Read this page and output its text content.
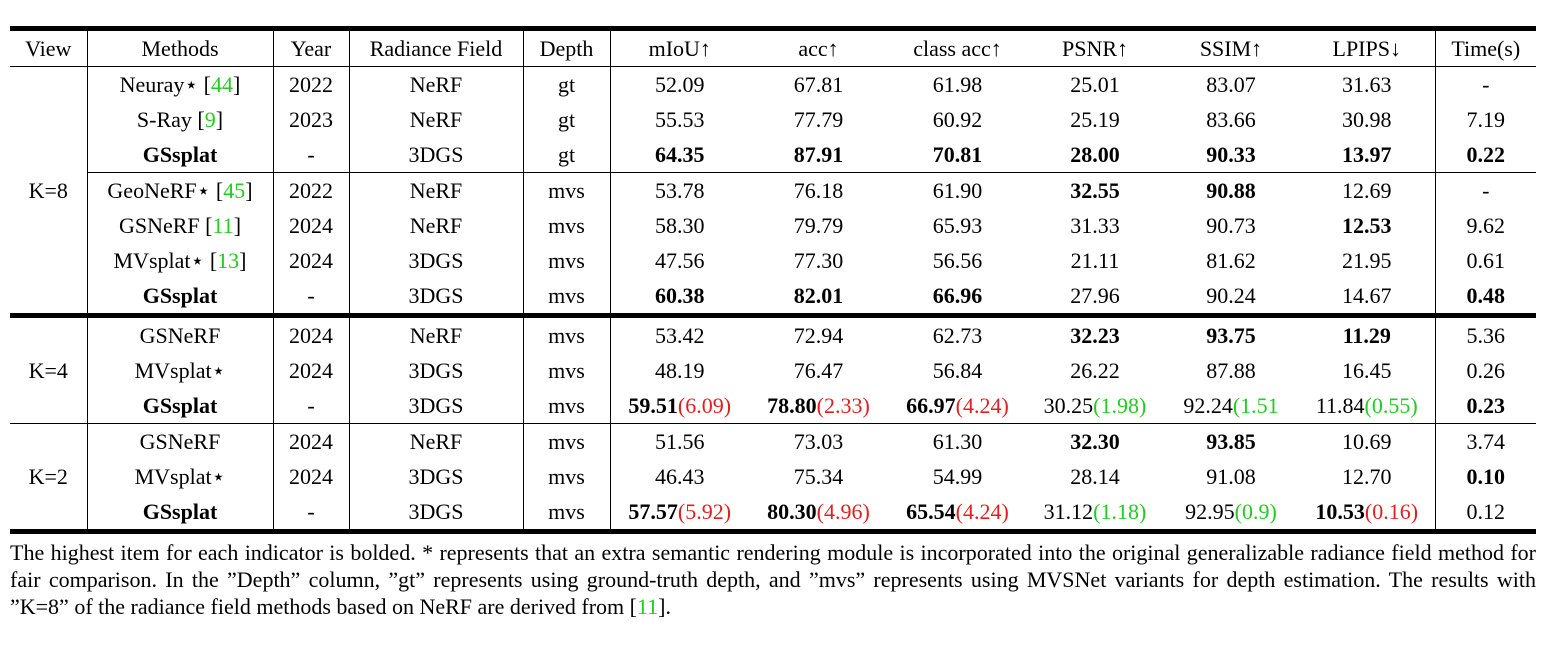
View	Methods	Year	Radiance Field	Depth	mIoU↑	acc↑	class acc↑	PSNR↑	SSIM↑	LPIPS↓	Time(s)
K=8	Neuray⋆ [44]	2022	NeRF	gt	52.09	67.81	61.98	25.01	83.07	31.63	-
	S-Ray [9]	2023	NeRF	gt	55.53	77.79	60.92	25.19	83.66	30.98	7.19
	GSsplat	-	3DGS	gt	64.35	87.91	70.81	28.00	90.33	13.97	0.22
	GeoNeRF⋆ [45]	2022	NeRF	mvs	53.78	76.18	61.90	32.55	90.88	12.69	-
	GSNeRF [11]	2024	NeRF	mvs	58.30	79.79	65.93	31.33	90.73	12.53	9.62
	MVsplat⋆ [13]	2024	3DGS	mvs	47.56	77.30	56.56	21.11	81.62	21.95	0.61
	GSsplat	-	3DGS	mvs	60.38	82.01	66.96	27.96	90.24	14.67	0.48
K=4	GSNeRF	2024	NeRF	mvs	53.42	72.94	62.73	32.23	93.75	11.29	5.36
	MVsplat⋆	2024	3DGS	mvs	48.19	76.47	56.84	26.22	87.88	16.45	0.26
	GSsplat	-	3DGS	mvs	59.51(6.09)	78.80(2.33)	66.97(4.24)	30.25(1.98)	92.24(1.51	11.84(0.55)	0.23
K=2	GSNeRF	2024	NeRF	mvs	51.56	73.03	61.30	32.30	93.85	10.69	3.74
	MVsplat⋆	2024	3DGS	mvs	46.43	75.34	54.99	28.14	91.08	12.70	0.10
	GSsplat	-	3DGS	mvs	57.57(5.92)	80.30(4.96)	65.54(4.24)	31.12(1.18)	92.95(0.9)	10.53(0.16)	0.12
The highest item for each indicator is bolded. * represents that an extra semantic rendering module is incorporated into the original generalizable radiance field method for fair comparison. In the ”Depth” column, ”gt” represents using ground-truth depth, and ”mvs” represents using MVSNet variants for depth estimation. The results with ”K=8” of the radiance field methods based on NeRF are derived from [11].
